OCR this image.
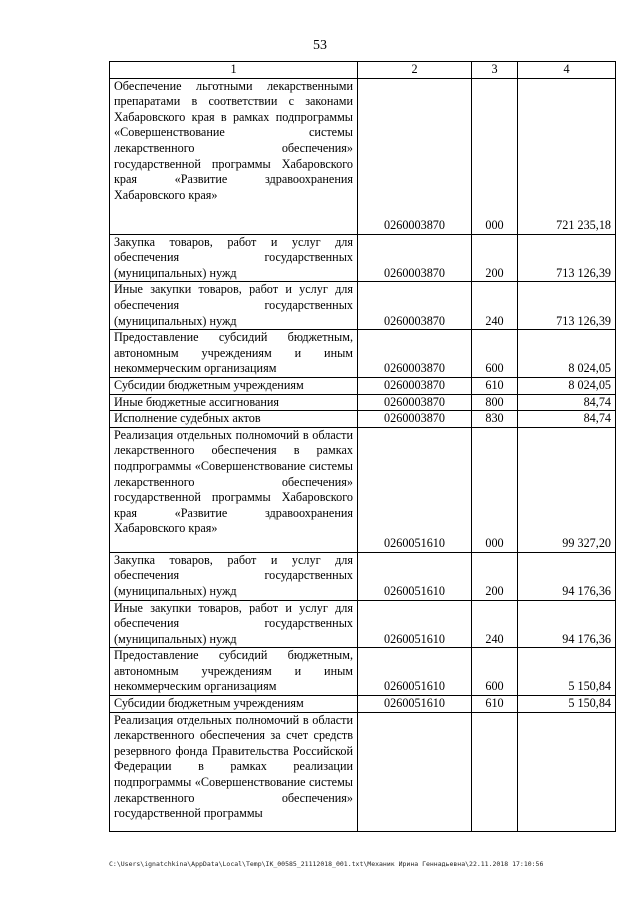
53
1	2	3	4
Обеспечение льготными лекарственными препаратами в соответствии с законами Хабаровского края в рамках подпрограммы «Совершенствование системы лекарственного обеспечения» государственной программы Хабаровского края «Развитие здравоохранения Хабаровского края»	0260003870	000	721 235,18
Закупка товаров, работ и услуг для обеспечения государственных (муниципальных) нужд	0260003870	200	713 126,39
Иные закупки товаров, работ и услуг для обеспечения государственных (муниципальных) нужд	0260003870	240	713 126,39
Предоставление субсидий бюджетным, автономным учреждениям и иным некоммерческим организациям	0260003870	600	8 024,05
Субсидии бюджетным учреждениям	0260003870	610	8 024,05
Иные бюджетные ассигнования	0260003870	800	84,74
Исполнение судебных актов	0260003870	830	84,74
Реализация отдельных полномочий в области лекарственного обеспечения в рамках подпрограммы «Совершенствование системы лекарственного обеспечения» государственной программы Хабаровского края «Развитие здравоохранения Хабаровского края»	0260051610	000	99 327,20
Закупка товаров, работ и услуг для обеспечения государственных (муниципальных) нужд	0260051610	200	94 176,36
Иные закупки товаров, работ и услуг для обеспечения государственных (муниципальных) нужд	0260051610	240	94 176,36
Предоставление субсидий бюджетным, автономным учреждениям и иным некоммерческим организациям	0260051610	600	5 150,84
Субсидии бюджетным учреждениям	0260051610	610	5 150,84
Реализация отдельных полномочий в области лекарственного обеспечения за счет средств резервного фонда Правительства Российской Федерации в рамках реализации подпрограммы «Совершенствование системы лекарственного обеспечения» государственной программы			
C:\Users\ignatchkina\AppData\Local\Temp\IK_00585_21112018_001.txt\Механик Ирина Геннадьевна\22.11.2018 17:10:56
